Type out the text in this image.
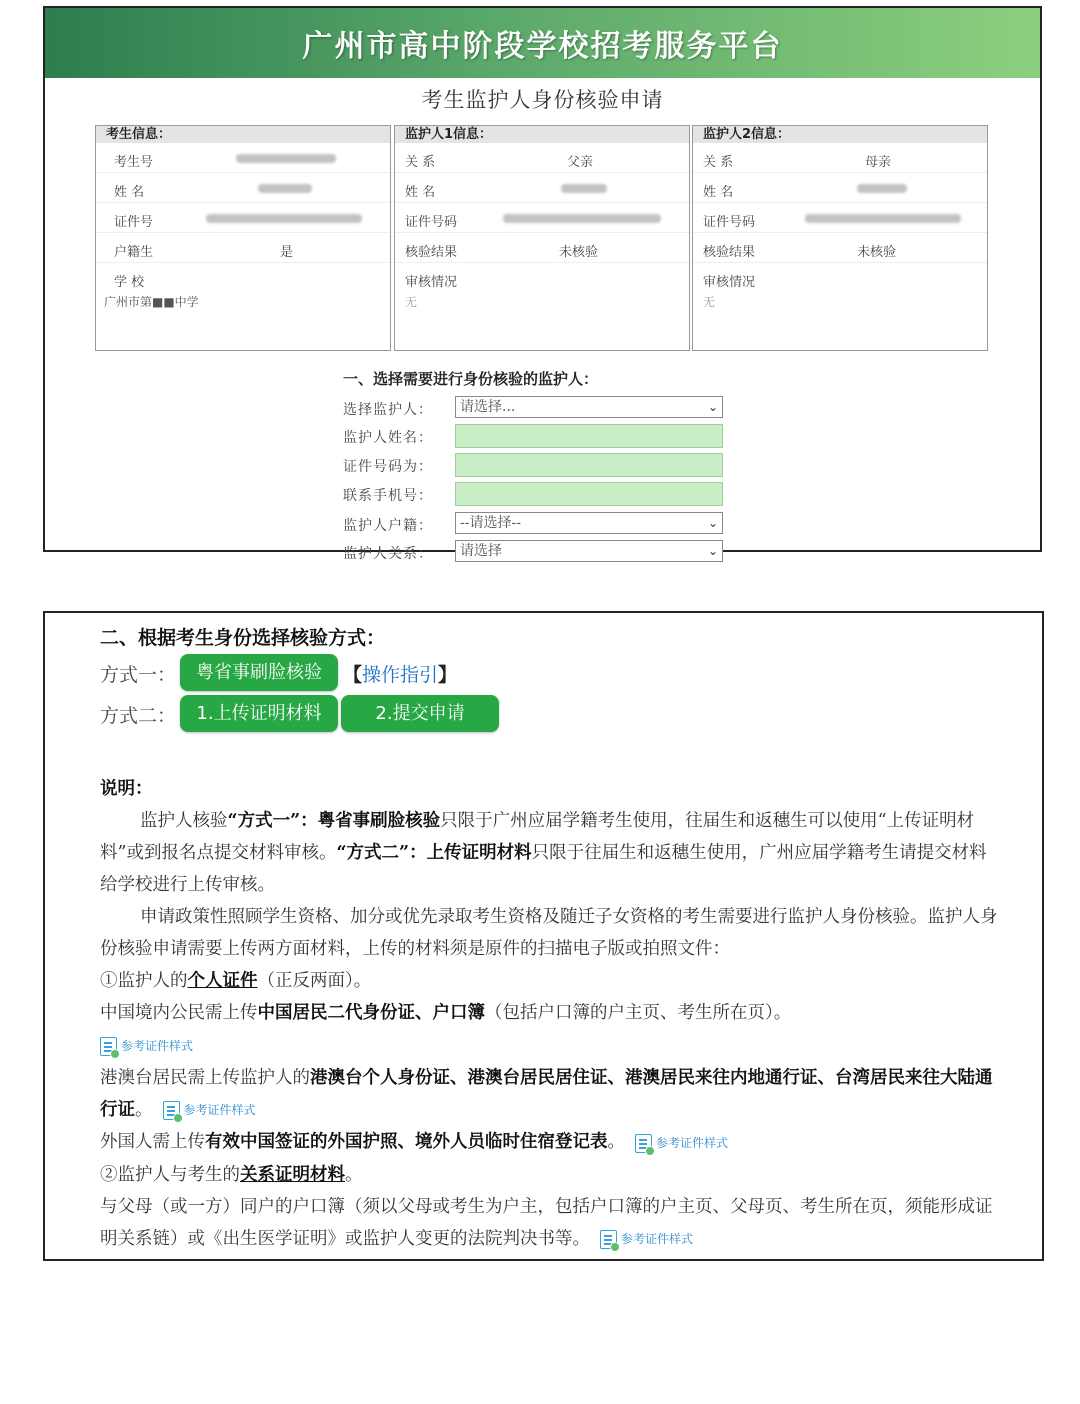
广州市高中阶段学校招考服务平台
考生监护人身份核验申请
考生信息：
考生号
姓 名
证件号
户籍生	是
学 校
广州市第■■中学
监护人1信息：
关 系	父亲
姓 名
证件号码
核验结果	未核验
审核情况
无
监护人2信息：
关 系	母亲
姓 名
证件号码
核验结果	未核验
审核情况
无
一、选择需要进行身份核验的监护人：
选择监护人：	请选择...	⌄
监护人姓名：
证件号码为：
联系手机号：
监护人户籍：	--请选择--	⌄
监护人关系：	请选择	⌄
二、根据考生身份选择核验方式：
方式一：	粤省事刷脸核验	【操作指引】
方式二：	1.上传证明材料	2.提交申请

说明：

监护人核验“方式一”：粤省事刷脸核验只限于广州应届学籍考生使用，往届生和返穗生可以使用“上传证明材料”或到报名点提交材料审核。“方式二”：上传证明材料只限于往届生和返穗生使用，广州应届学籍考生请提交材料给学校进行上传审核。

申请政策性照顾学生资格、加分或优先录取考生资格及随迁子女资格的考生需要进行监护人身份核验。监护人身份核验申请需要上传两方面材料，上传的材料须是原件的扫描电子版或拍照文件：

①监护人的个人证件（正反两面）。

中国境内公民需上传中国居民二代身份证、户口簿（包括户口簿的户主页、考生所在页）。

参考证件样式

港澳台居民需上传监护人的港澳台个人身份证、港澳台居民居住证、港澳居民来往内地通行证、台湾居民来往大陆通行证。	参考证件样式

外国人需上传有效中国签证的外国护照、境外人员临时住宿登记表。	参考证件样式

②监护人与考生的关系证明材料。

与父母（或一方）同户的户口簿（须以父母或考生为户主，包括户口簿的户主页、父母页、考生所在页，须能形成证明关系链）或《出生医学证明》或监护人变更的法院判决书等。	参考证件样式
